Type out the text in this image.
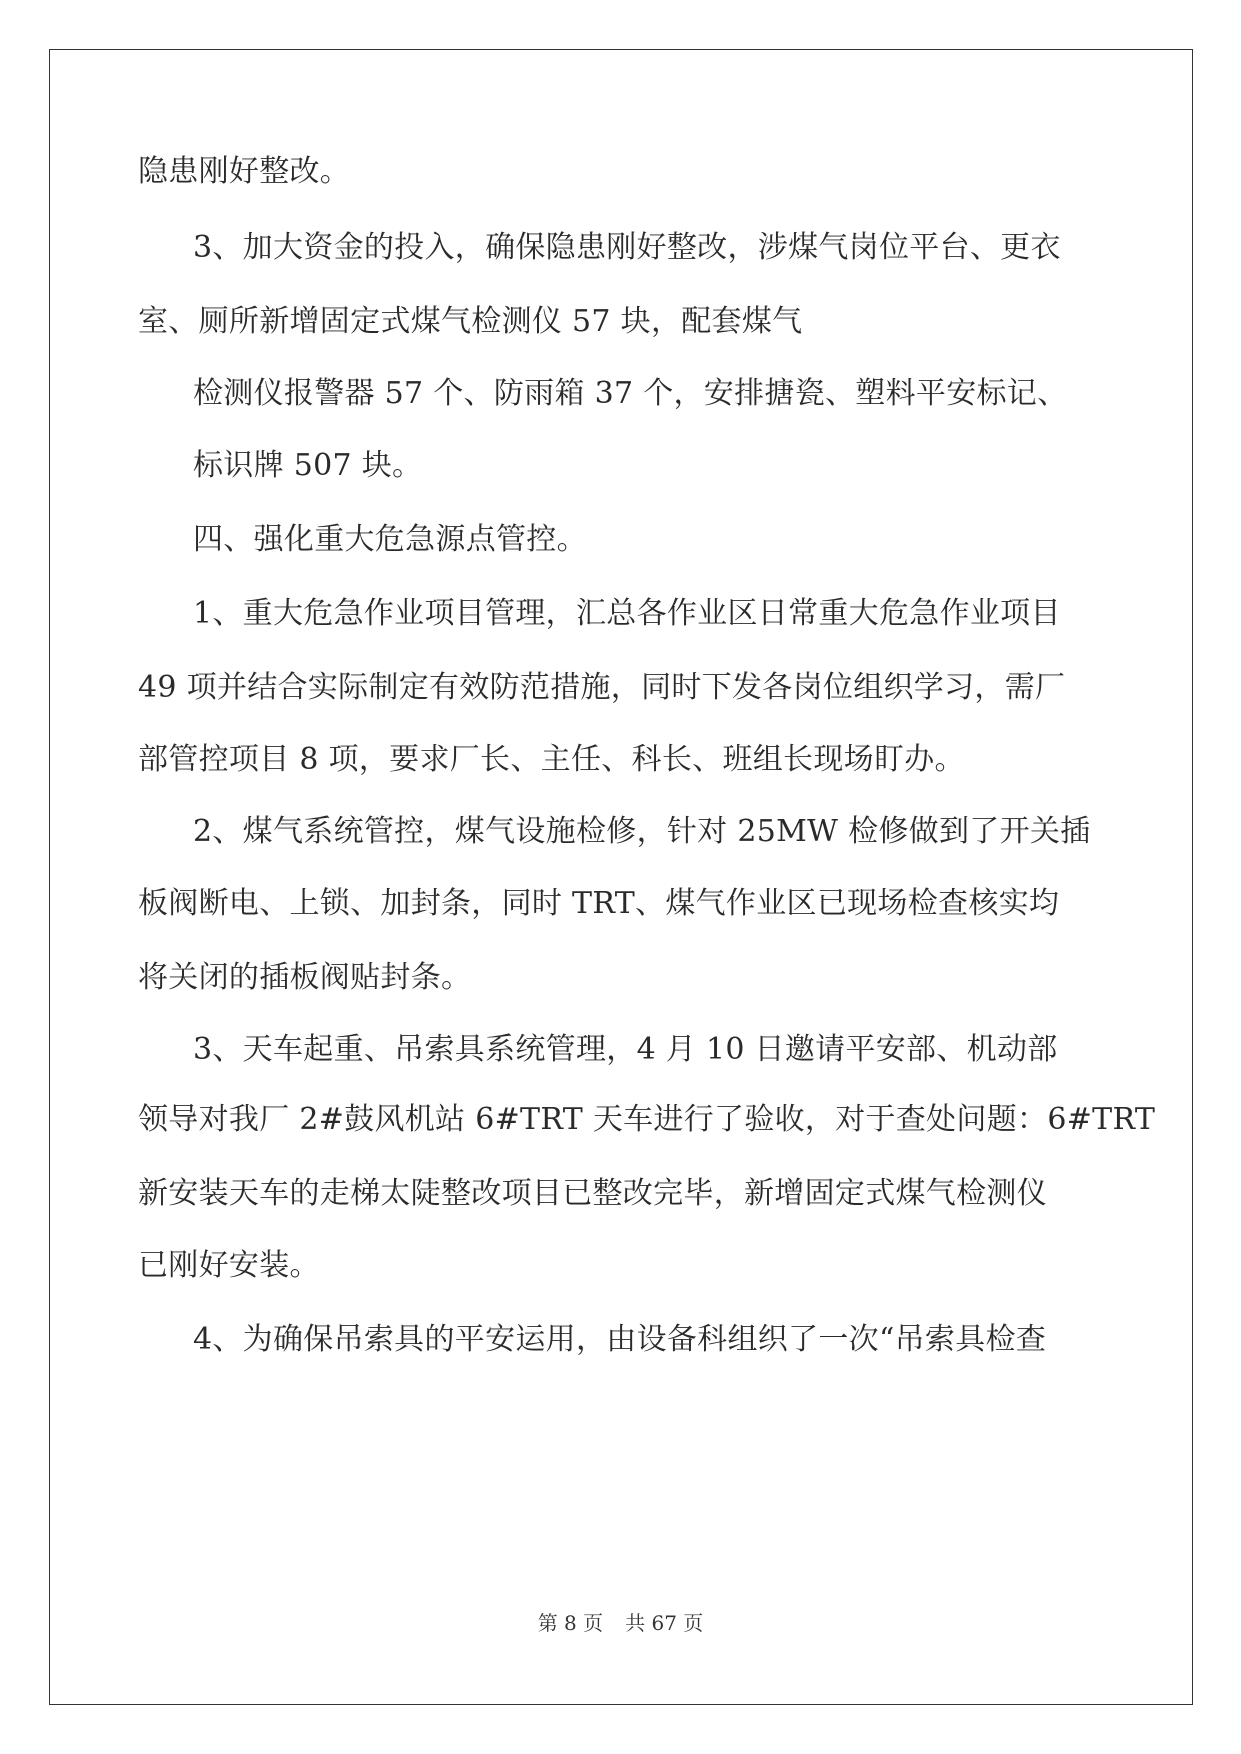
隐患刚好整改。
3、加大资金的投入，确保隐患刚好整改，涉煤气岗位平台、更衣
室、厕所新增固定式煤气检测仪 57 块，配套煤气
检测仪报警器 57 个、防雨箱 37 个，安排搪瓷、塑料平安标记、
标识牌 507 块。
四、强化重大危急源点管控。
1、重大危急作业项目管理，汇总各作业区日常重大危急作业项目
49 项并结合实际制定有效防范措施，同时下发各岗位组织学习，需厂
部管控项目 8 项，要求厂长、主任、科长、班组长现场盯办。
2、煤气系统管控，煤气设施检修，针对 25MW 检修做到了开关插
板阀断电、上锁、加封条，同时 TRT、煤气作业区已现场检查核实均
将关闭的插板阀贴封条。
3、天车起重、吊索具系统管理，4 月 10 日邀请平安部、机动部
领导对我厂 2#鼓风机站 6#TRT 天车进行了验收，对于查处问题：6#TRT
新安装天车的走梯太陡整改项目已整改完毕，新增固定式煤气检测仪
已刚好安装。
4、为确保吊索具的平安运用，由设备科组织了一次“吊索具检查
第 8 页 共 67 页
